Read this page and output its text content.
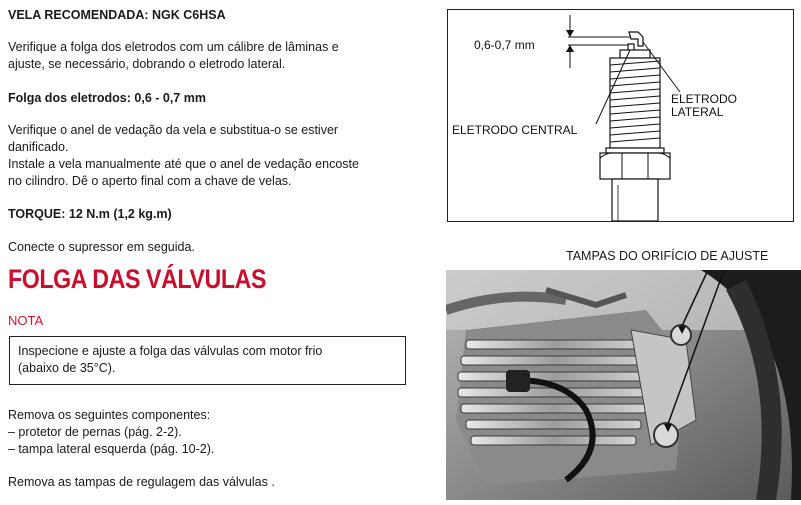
VELA RECOMENDADA: NGK C6HSA
Verifique a folga dos eletrodos com um cálibre de lâminas e
ajuste, se necessário, dobrando o eletrodo lateral.
Folga dos eletrodos: 0,6 - 0,7 mm
Verifique o anel de vedação da vela e substitua-o se estiver
danificado.
Instale a vela manualmente até que o anel de vedação encoste
no cilindro. Dê o aperto final com a chave de velas.
TORQUE: 12 N.m (1,2 kg.m)
Conecte o supressor em seguida.
FOLGA DAS VÁLVULAS
NOTA
Inspecione e ajuste a folga das válvulas com motor frio
(abaixo de 35°C).
Remova os seguintes componentes:
– protetor de pernas (pág. 2-2).
– tampa lateral esquerda (pág. 10-2).
Remova as tampas de regulagem das válvulas .
0,6-0,7 mm
ELETRODO
LATERAL
ELETRODO CENTRAL
TAMPAS DO ORIFÍCIO DE AJUSTE
